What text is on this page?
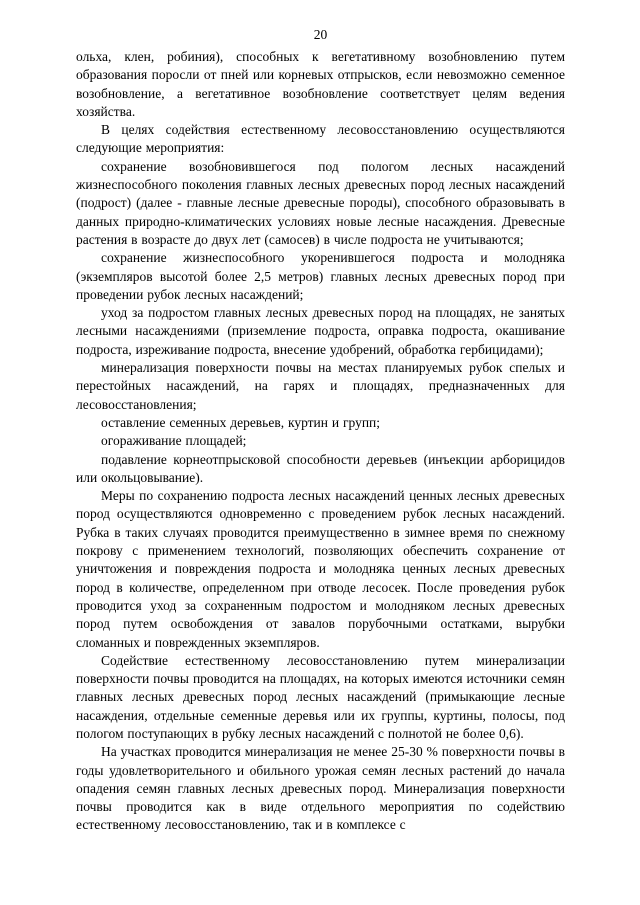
20

ольха, клен, робиния), способных к вегетативному возобновлению путем образования поросли от пней или корневых отпрысков, если невозможно семенное возобновление, а вегетативное возобновление соответствует целям ведения хозяйства.

В целях содействия естественному лесовосстановлению осуществляются следующие мероприятия:

сохранение возобновившегося под пологом лесных насаждений жизнеспособного поколения главных лесных древесных пород лесных насаждений (подрост) (далее - главные лесные древесные породы), способного образовывать в данных природно-климатических условиях новые лесные насаждения. Древесные растения в возрасте до двух лет (самосев) в числе подроста не учитываются;

сохранение жизнеспособного укоренившегося подроста и молодняка (экземпляров высотой более 2,5 метров) главных лесных древесных пород при проведении рубок лесных насаждений;

уход за подростом главных лесных древесных пород на площадях, не занятых лесными насаждениями (приземление подроста, оправка подроста, окашивание подроста, изреживание подроста, внесение удобрений, обработка гербицидами);

минерализация поверхности почвы на местах планируемых рубок спелых и перестойных насаждений, на гарях и площадях, предназначенных для лесовосстановления;

оставление семенных деревьев, куртин и групп;

огораживание площадей;

подавление корнеотпрысковой способности деревьев (инъекции арборицидов или окольцовывание).

Меры по сохранению подроста лесных насаждений ценных лесных древесных пород осуществляются одновременно с проведением рубок лесных насаждений. Рубка в таких случаях проводится преимущественно в зимнее время по снежному покрову с применением технологий, позволяющих обеспечить сохранение от уничтожения и повреждения подроста и молодняка ценных лесных древесных пород в количестве, определенном при отводе лесосек. После проведения рубок проводится уход за сохраненным подростом и молодняком лесных древесных пород путем освобождения от завалов порубочными остатками, вырубки сломанных и поврежденных экземпляров.

Содействие естественному лесовосстановлению путем минерализации поверхности почвы проводится на площадях, на которых имеются источники семян главных лесных древесных пород лесных насаждений (примыкающие лесные насаждения, отдельные семенные деревья или их группы, куртины, полосы, под пологом поступающих в рубку лесных насаждений с полнотой не более 0,6).

На участках проводится минерализация не менее 25-30 % поверхности почвы в годы удовлетворительного и обильного урожая семян лесных растений до начала опадения семян главных лесных древесных пород. Минерализация поверхности почвы проводится как в виде отдельного мероприятия по содействию естественному лесовосстановлению, так и в комплексе с
